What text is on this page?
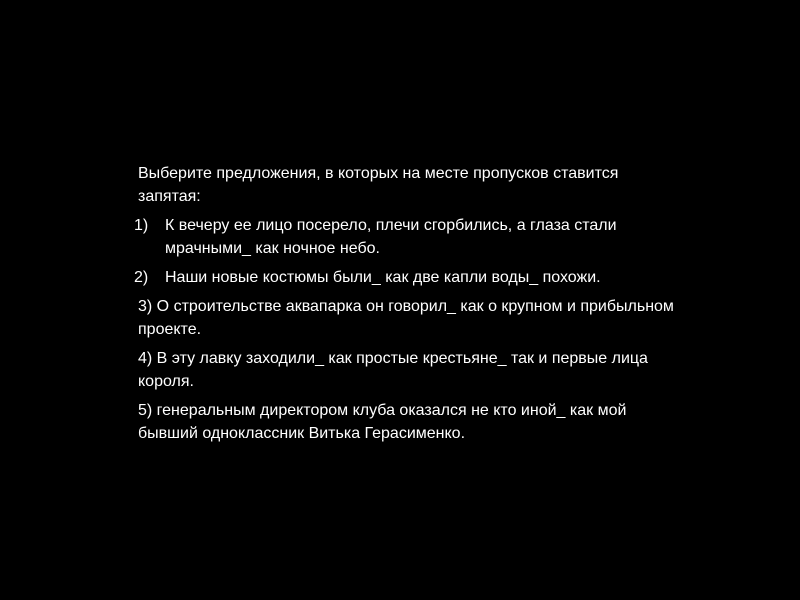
Выберите предложения, в которых на месте пропусков ставится запятая:

1)	К вечеру ее лицо посерело, плечи сгорбились, а глаза стали мрачными_ как ночное небо.
2)	Наши новые костюмы были_ как две капли воды_ похожи.

3) О строительстве аквапарка он говорил_ как о крупном и прибыльном проекте.

4) В эту лавку заходили_ как простые крестьяне_ так и первые лица короля.

5) генеральным директором клуба оказался не кто иной_ как мой бывший одноклассник Витька Герасименко.
